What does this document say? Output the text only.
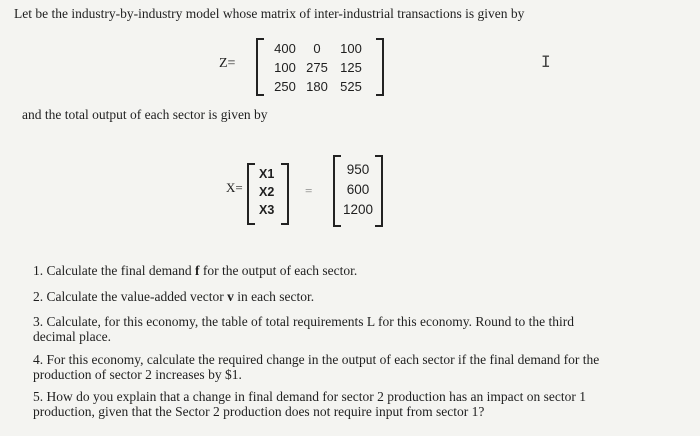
Let be the industry-by-industry model whose matrix of inter-industrial transactions is given by
Z=
400	0	100
100 275 125
250 180 525
I
and the total output of each sector is given by
X=
X1
X2
X3
=
950
600
1200
1. Calculate the final demand f for the output of each sector.
2. Calculate the value-added vector v in each sector.
3. Calculate, for this economy, the table of total requirements L for this economy. Round to the third
decimal place.
4. For this economy, calculate the required change in the output of each sector if the final demand for the
production of sector 2 increases by $1.
5. How do you explain that a change in final demand for sector 2 production has an impact on sector 1
production, given that the Sector 2 production does not require input from sector 1?
